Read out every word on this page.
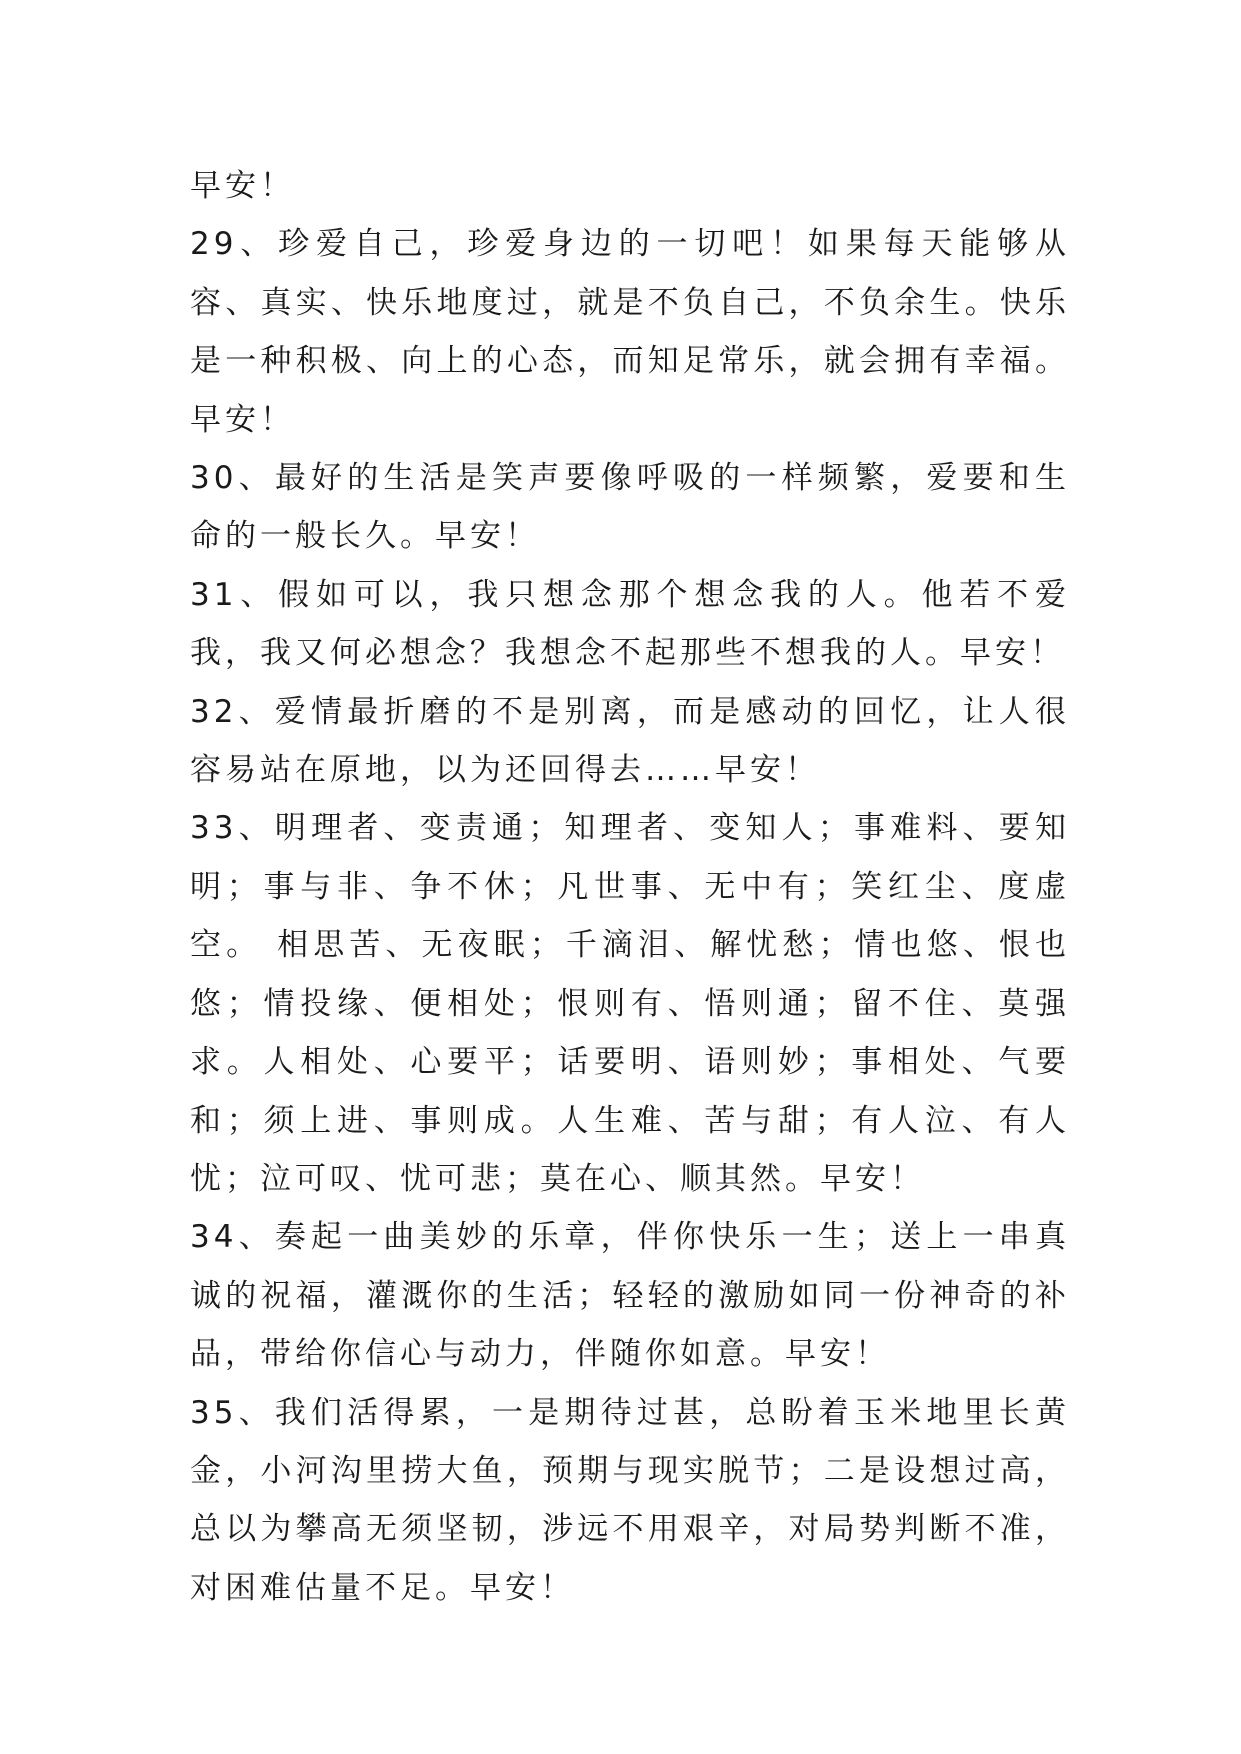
早安！

29、珍爱自己，珍爱身边的一切吧！如果每天能够从容、真实、快乐地度过，就是不负自己，不负余生。快乐是一种积极、向上的心态，而知足常乐，就会拥有幸福。早安！

30、最好的生活是笑声要像呼吸的一样频繁，爱要和生命的一般长久。早安！

31、假如可以，我只想念那个想念我的人。他若不爱我，我又何必想念？我想念不起那些不想我的人。早安！

32、爱情最折磨的不是别离，而是感动的回忆，让人很容易站在原地，以为还回得去……早安！

33、明理者、变责通；知理者、变知人；事难料、要知明；事与非、争不休；凡世事、无中有；笑红尘、度虚空。 相思苦、无夜眠；千滴泪、解忧愁；情也悠、恨也悠；情投缘、便相处；恨则有、悟则通；留不住、莫强求。人相处、心要平；话要明、语则妙；事相处、气要和；须上进、事则成。人生难、苦与甜；有人泣、有人忧；泣可叹、忧可悲；莫在心、顺其然。早安！

34、奏起一曲美妙的乐章，伴你快乐一生；送上一串真诚的祝福，灌溉你的生活；轻轻的激励如同一份神奇的补品，带给你信心与动力，伴随你如意。早安！

35、我们活得累，一是期待过甚，总盼着玉米地里长黄金，小河沟里捞大鱼，预期与现实脱节；二是设想过高，总以为攀高无须坚韧，涉远不用艰辛，对局势判断不准，对困难估量不足。早安！
